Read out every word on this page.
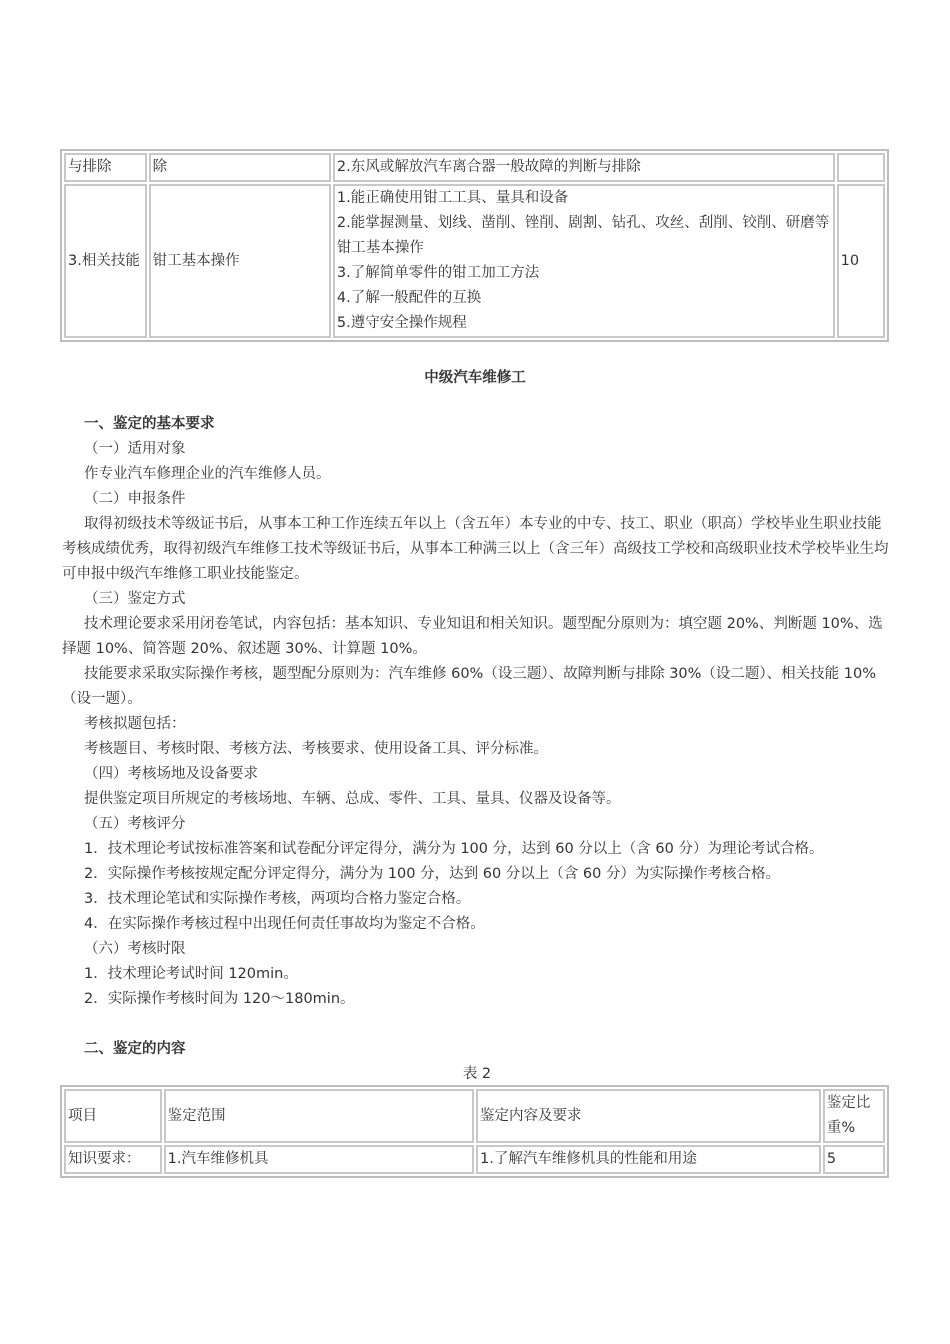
与排除	除	2.东风或解放汽车离合器一般故障的判断与排除	
3.相关技能	钳工基本操作	1.能正确使用钳工工具、量具和设备
2.能掌握测量、划线、凿削、锉削、剧割、钻孔、攻丝、刮削、铰削、研磨等钳工基本操作
3.了解简单零件的钳工加工方法
4.了解一般配件的互换
5.遵守安全操作规程	10
中级汽车维修工

一、鉴定的基本要求

（一）适用对象

作专业汽车修理企业的汽车维修人员。

（二）申报条件

取得初级技术等级证书后，从事本工种工作连续五年以上（含五年）本专业的中专、技工、职业（职高）学校毕业生职业技能考核成绩优秀，取得初级汽车维修工技术等级证书后，从事本工种满三以上（含三年）高级技工学校和高级职业技术学校毕业生均可申报中级汽车维修工职业技能鉴定。

（三）鉴定方式

技术理论要求采用闭卷笔试，内容包括：基本知识、专业知诅和相关知识。题型配分原则为：填空题 20%、判断题 10%、选择题 10%、简答题 20%、叙述题 30%、计算题 10%。

技能要求采取实际操作考核，题型配分原则为：汽车维修 60%（设三题）、故障判断与排除 30%（设二题）、相关技能 10%（设一题）。

考核拟题包括：

考核题目、考核时限、考核方法、考核要求、使用设备工具、评分标准。

（四）考核场地及设备要求

提供鉴定项目所规定的考核场地、车辆、总成、零件、工具、量具、仪器及设备等。

（五）考核评分

1．技术理论考试按标准答案和试卷配分评定得分，满分为 100 分，达到 60 分以上（含 60 分）为理论考试合格。

2．实际操作考核按规定配分评定得分，满分为 100 分，达到 60 分以上（含 60 分）为实际操作考核合格。

3．技术理论笔试和实际操作考核，两项均合格力鉴定合格。

4．在实际操作考核过程中出现任何责任事故均为鉴定不合格。

（六）考核时限

1．技术理论考试时间 120min。

2．实际操作考核时间为 120～180min。

二、鉴定的内容

表 2

项目	鉴定范围	鉴定内容及要求	鉴定比重%
知识要求：	1.汽车维修机具	1.了解汽车维修机具的性能和用途	5
